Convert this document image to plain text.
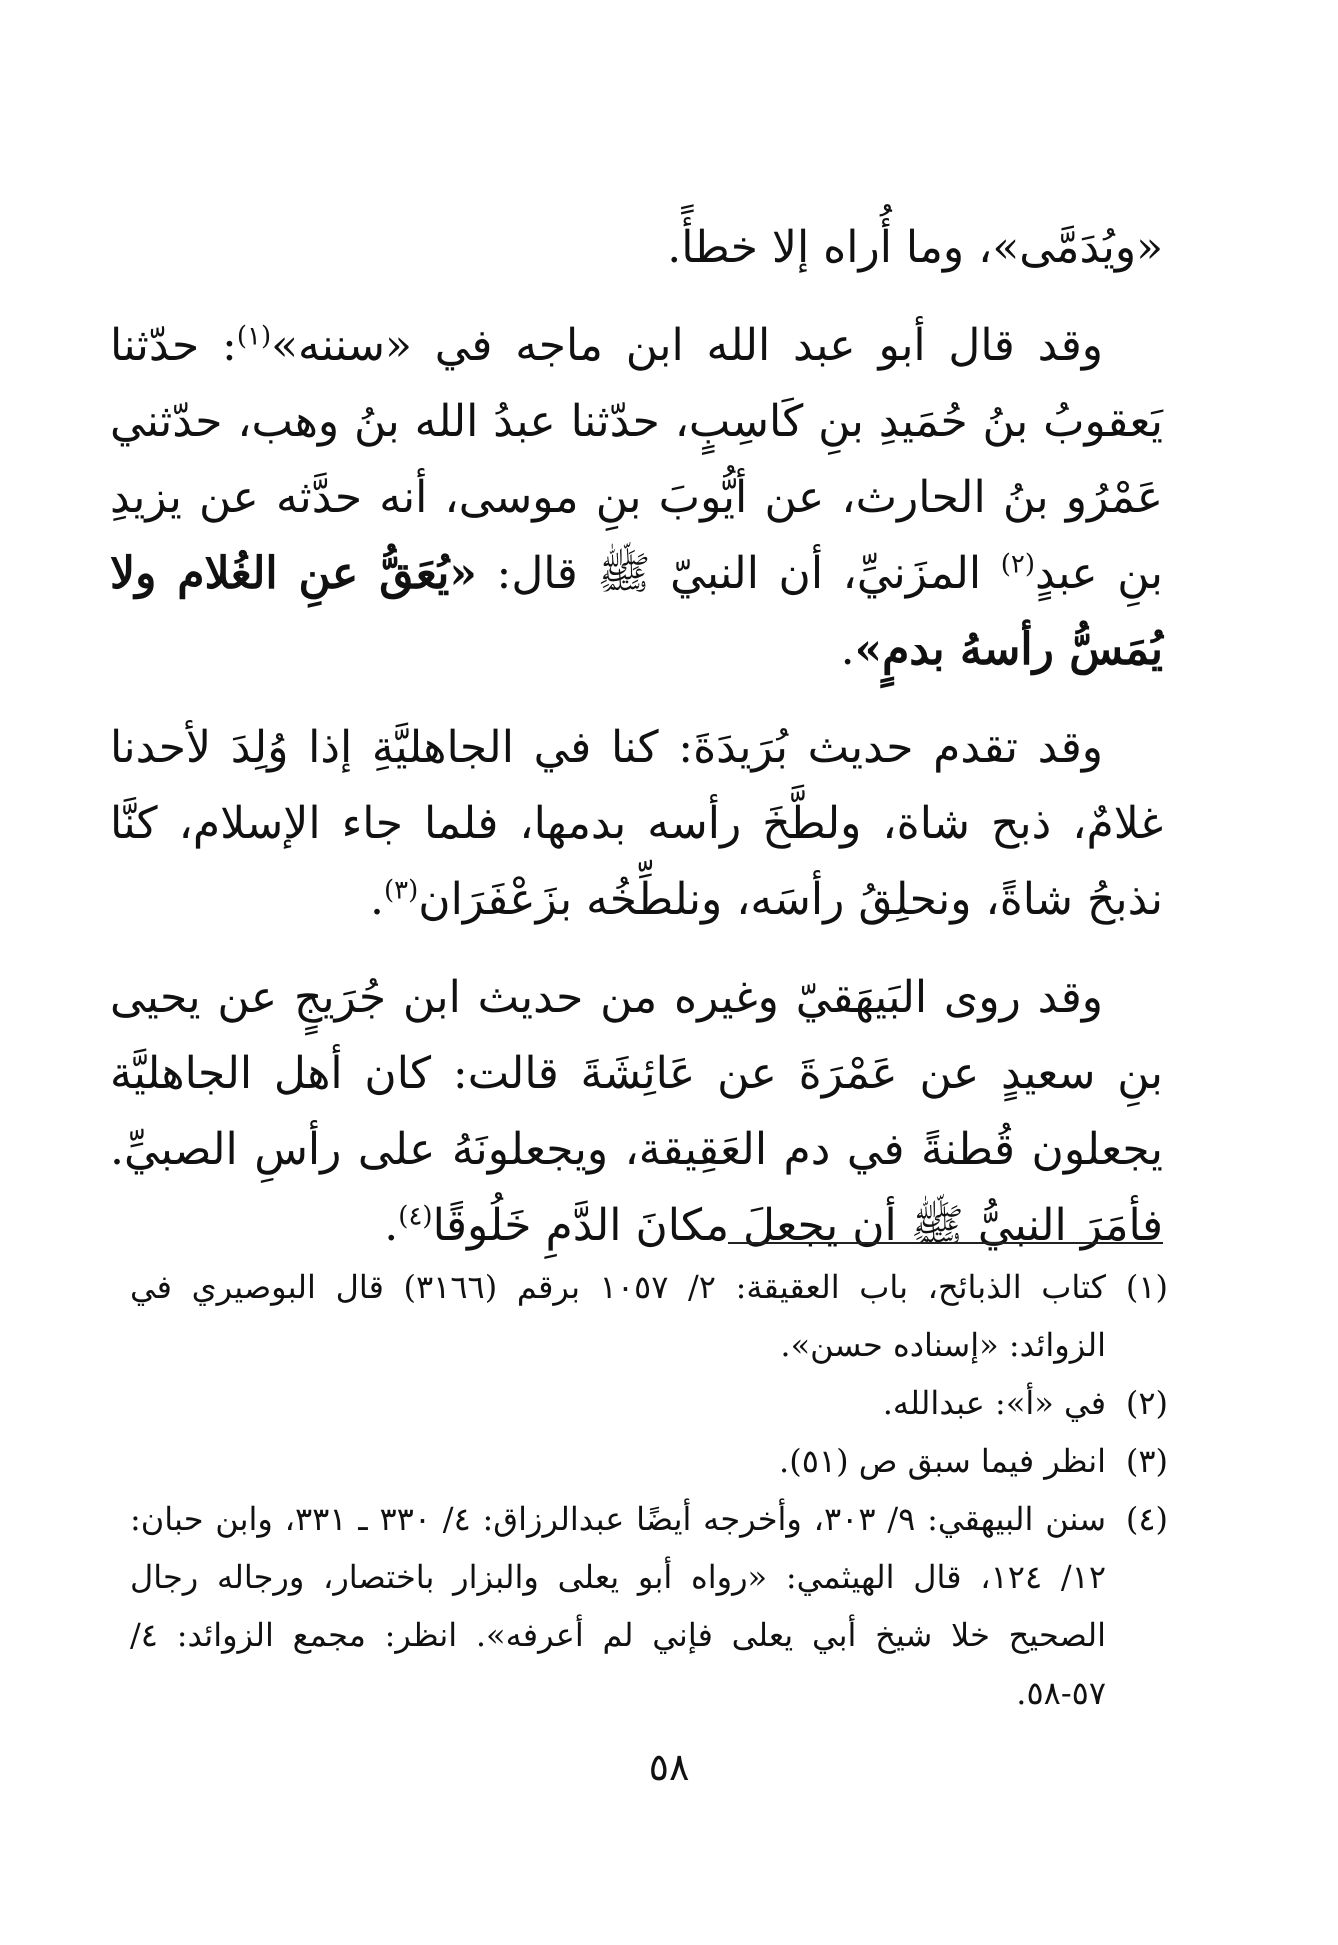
«ويُدَمَّى»، وما أُراه إلا خطأً.

وقد قال أبو عبد الله ابن ماجه في «سننه»$^{(١)}$: حدّثنا يَعقوبُ بنُ حُمَيدِ بنِ كَاسِبٍ، حدّثنا عبدُ الله بنُ وهب، حدّثني عَمْرُو بنُ الحارث، عن أيُّوبَ بنِ موسى، أنه حدَّثه عن يزيدِ بنِ عبدٍ$^{(٢)}$ المزَنيِّ، أن النبيّ ﷺ قال: «يُعَقُّ عنِ الغُلام ولا يُمَسُّ رأسهُ بدمٍ».

وقد تقدم حديث بُرَيدَةَ: كنا في الجاهليَّةِ إذا وُلِدَ لأحدنا غلامٌ، ذبح شاة، ولطَّخَ رأسه بدمها، فلما جاء الإسلام، كنَّا نذبحُ شاةً، ونحلِقُ رأسَه، ونلطِّخُه بزَعْفَرَان$^{(٣)}$.

وقد روى البَيهَقيّ وغيره من حديث ابن جُرَيجٍ عن يحيى بنِ سعيدٍ عن عَمْرَةَ عن عَائِشَةَ قالت: كان أهل الجاهليَّة يجعلون قُطنةً في دم العَقِيقة، ويجعلونَهُ على رأسِ الصبيِّ. فأمَرَ النبيُّ ﷺ أن يجعلَ مكانَ الدَّمِ خَلُوقًا$^{(٤)}$.

(١)
كتاب الذبائح، باب العقيقة: ٢/ ١٠٥٧ برقم (٣١٦٦) قال البوصيري في الزوائد: «إسناده حسن».

(٢)
في «أ»: عبدالله.

(٣)
انظر فيما سبق ص (٥١).

(٤)
سنن البيهقي: ٩/ ٣٠٣، وأخرجه أيضًا عبدالرزاق: ٤/ ٣٣٠ ـ ٣٣١، وابن حبان: ١٢/ ١٢٤، قال الهيثمي: «رواه أبو يعلى والبزار باختصار، ورجاله رجال الصحيح خلا شيخ أبي يعلى فإني لم أعرفه». انظر: مجمع الزوائد: ٤/ ٥٧-٥٨.

٥٨
